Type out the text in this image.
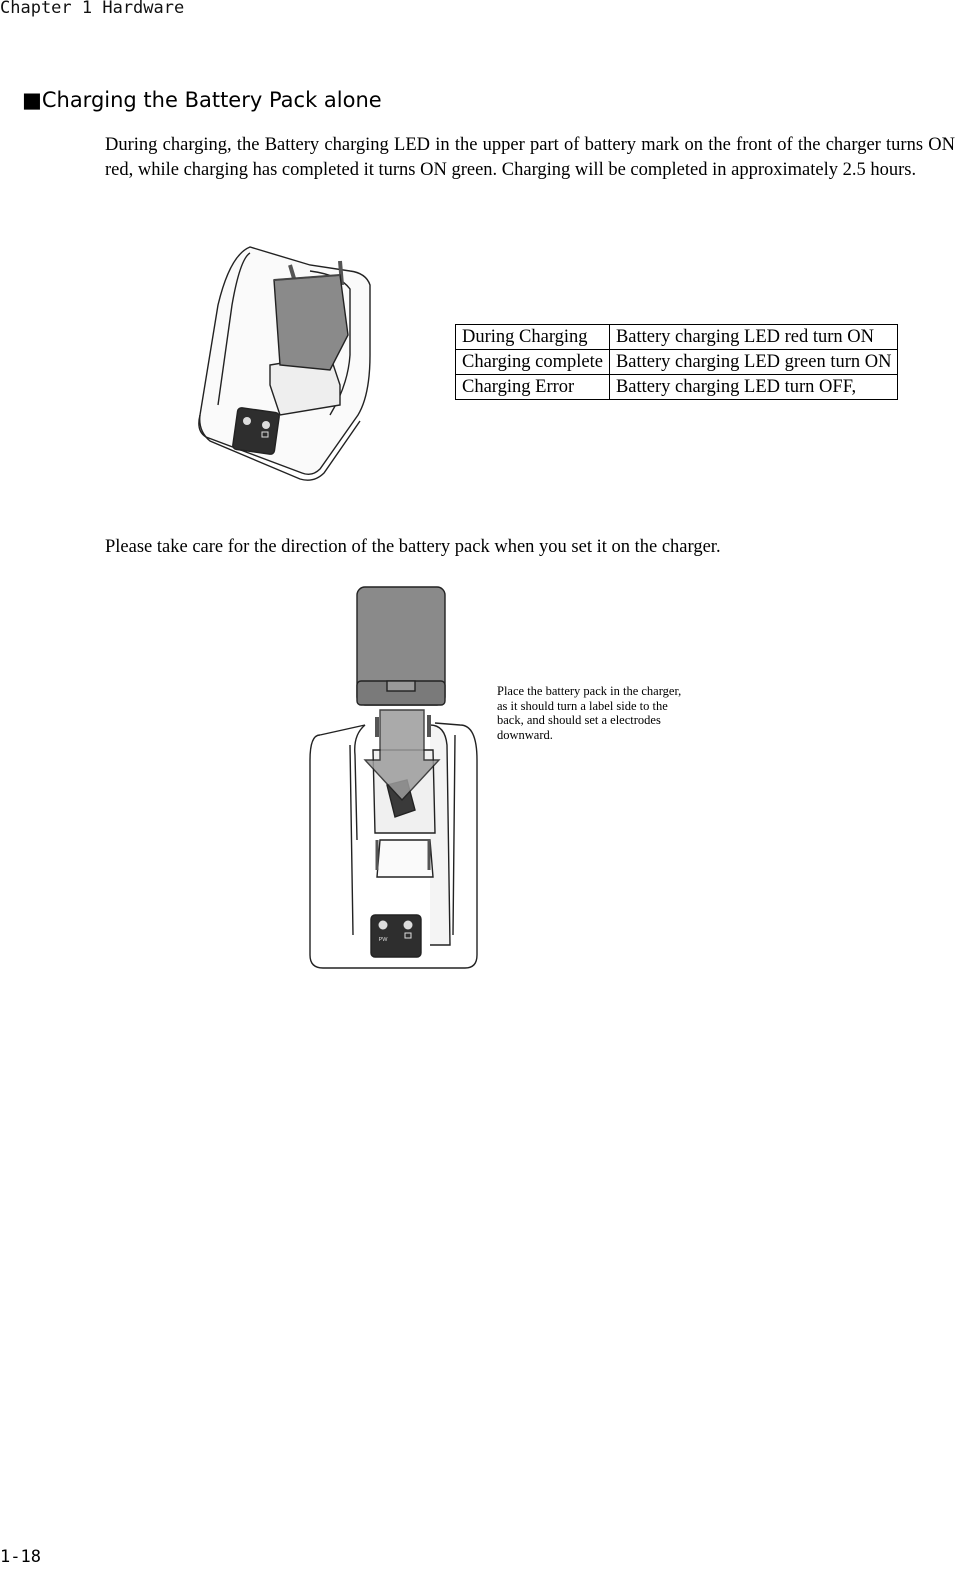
Chapter 1 Hardware
■Charging the Battery Pack alone

During charging, the Battery charging LED in the upper part of battery mark on the front of the charger turns ON red, while charging has completed it turns ON green. Charging will be completed in approximately 2.5 hours.

During Charging	Battery charging LED red turn ON
Charging complete	Battery charging LED green turn ON
Charging Error	Battery charging LED turn OFF,

Please take care for the direction of the battery pack when you set it on the charger.

PW

Place the battery pack in the charger, as it should turn a label side to the back, and should set a electrodes downward.

1-18
